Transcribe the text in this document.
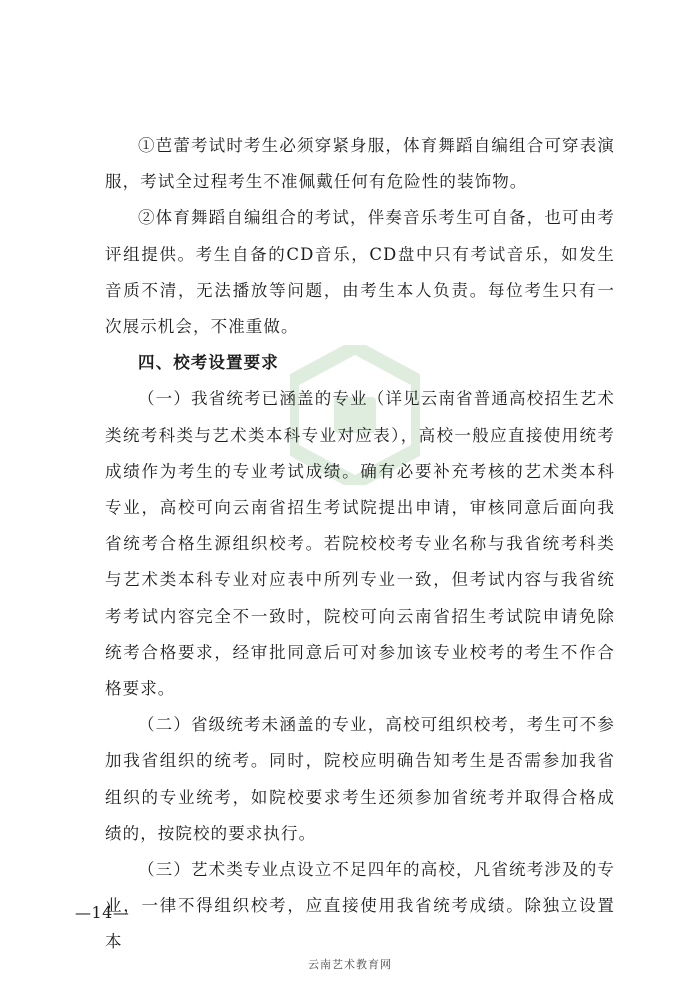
①芭蕾考试时考生必须穿紧身服，体育舞蹈自编组合可穿表演服，考试全过程考生不准佩戴任何有危险性的装饰物。

②体育舞蹈自编组合的考试，伴奏音乐考生可自备，也可由考评组提供。考生自备的CD音乐，CD盘中只有考试音乐，如发生音质不清，无法播放等问题，由考生本人负责。每位考生只有一次展示机会，不准重做。

四、校考设置要求

（一）我省统考已涵盖的专业（详见云南省普通高校招生艺术类统考科类与艺术类本科专业对应表），高校一般应直接使用统考成绩作为考生的专业考试成绩。确有必要补充考核的艺术类本科专业，高校可向云南省招生考试院提出申请，审核同意后面向我省统考合格生源组织校考。若院校校考专业名称与我省统考科类与艺术类本科专业对应表中所列专业一致，但考试内容与我省统考考试内容完全不一致时，院校可向云南省招生考试院申请免除统考合格要求，经审批同意后可对参加该专业校考的考生不作合格要求。

（二）省级统考未涵盖的专业，高校可组织校考，考生可不参加我省组织的统考。同时，院校应明确告知考生是否需参加我省组织的专业统考，如院校要求考生还须参加省统考并取得合格成绩的，按院校的要求执行。

（三）艺术类专业点设立不足四年的高校，凡省统考涉及的专业，一律不得组织校考，应直接使用我省统考成绩。除独立设置本

—14—
云南艺术教育网
